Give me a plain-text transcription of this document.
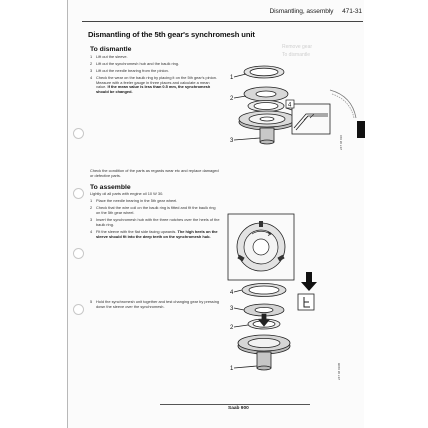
Dismantling, assembly 471-31
Dismantling of the 5th gear's synchromesh unit
Remove gear
To dismantle
To dismantle
1 Lift out the sleeve.
2 Lift out the synchromesh hub and the baulk ring.
3 Lift out the needle bearing from the pinion.
4 Check the wear on the baulk ring by placing it on the 5th gear's pinion. Measure with a feeler gauge in three places and calculate a mean value. If the mean value is less than 0.5 mm, the synchromesh should be changed.
Check the condition of the parts as regards wear etc and replace damaged or defective parts.
To assemble
Lightly oil all parts with engine oil 10 W 30.
1 Place the needle bearing in the 5th gear wheel.
2 Check that the wire coil on the baulk ring is fitted and fit the baulk ring on the 5th gear wheel.
3 Insert the synchromesh hub with the three notches over the heels of the baulk ring.
4 Fit the sleeve with the flat side facing upwards. The high heels on the sleeve should fit into the deep teeth on the synchromesh hub.
5 Hold the synchromesh unit together and test changing gear by pressing down the sleeve over the synchromesh.
1
2
3
4
247 48 010
4
3
2
1	247 48 010B
Saab 900
